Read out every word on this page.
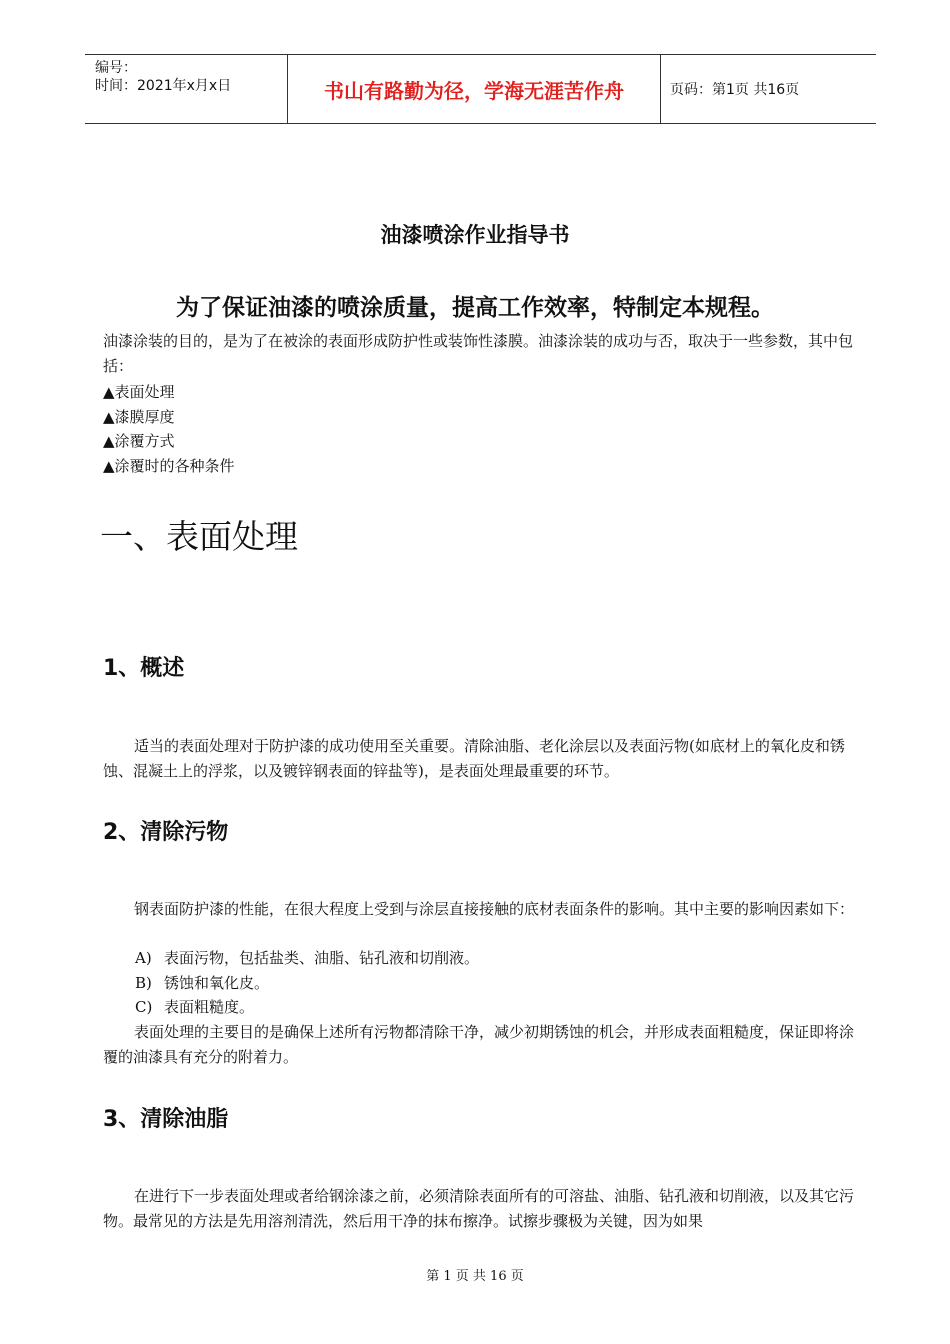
编号：
时间：2021年x月x日	书山有路勤为径，学海无涯苦作舟	页码：第1页 共16页
油漆喷涂作业指导书
为了保证油漆的喷涂质量，提高工作效率，特制定本规程。

油漆涂装的目的，是为了在被涂的表面形成防护性或装饰性漆膜。油漆涂装的成功与否，取决于一些参数，其中包括：

▲表面处理
▲漆膜厚度
▲涂覆方式
▲涂覆时的各种条件
一、表面处理
1、概述

适当的表面处理对于防护漆的成功使用至关重要。清除油脂、老化涂层以及表面污物(如底材上的氧化皮和锈蚀、混凝土上的浮浆，以及镀锌钢表面的锌盐等)，是表面处理最重要的环节。

2、清除污物

钢表面防护漆的性能，在很大程度上受到与涂层直接接触的底材表面条件的影响。其中主要的影响因素如下：

A) 表面污物，包括盐类、油脂、钻孔液和切削液。
B) 锈蚀和氧化皮。
C) 表面粗糙度。

表面处理的主要目的是确保上述所有污物都清除干净，减少初期锈蚀的机会，并形成表面粗糙度，保证即将涂覆的油漆具有充分的附着力。

3、清除油脂

在进行下一步表面处理或者给钢涂漆之前，必须清除表面所有的可溶盐、油脂、钻孔液和切削液，以及其它污物。最常见的方法是先用溶剂清洗，然后用干净的抹布擦净。试擦步骤极为关键，因为如果

第 1 页 共 16 页
